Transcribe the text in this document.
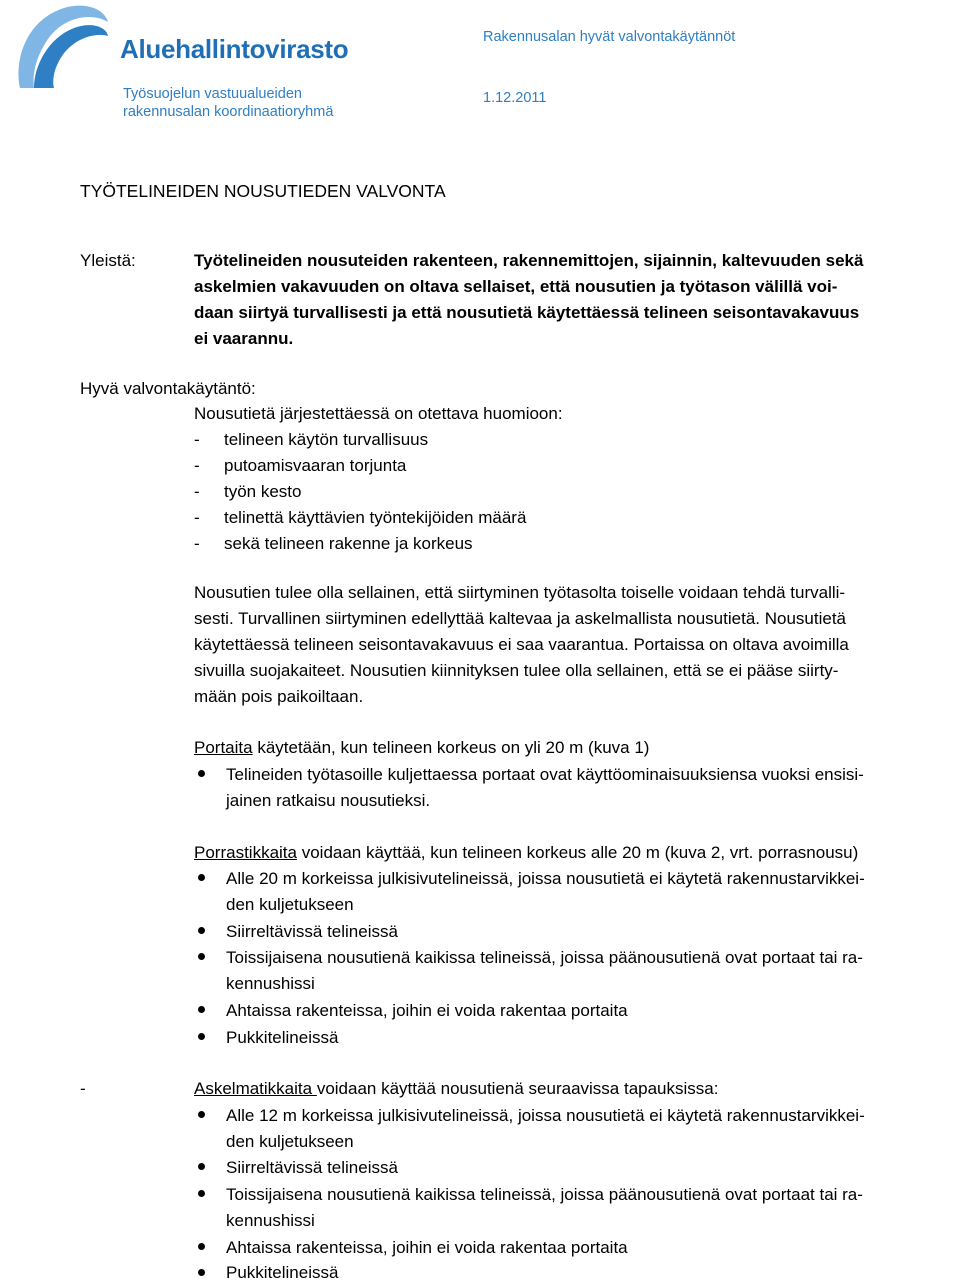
Aluehallintovirasto	Rakennusalan hyvät valvontakäytännöt
Työsuojelun vastuualueiden
rakennusalan koordinaatioryhmä
1.12.2011
TYÖTELINEIDEN NOUSUTIEDEN VALVONTA
Yleistä:	Työtelineiden nousuteiden rakenteen, rakennemittojen, sijainnin, kaltevuuden sekä

askelmien vakavuuden on oltava sellaiset, että nousutien ja työtason välillä voi-

daan siirtyä turvallisesti ja että nousutietä käytettäessä telineen seisontavakavuus

ei vaarannu.

Hyvä valvontakäytäntö:

Nousutietä järjestettäessä on otettava huomioon:

- telineen käytön turvallisuus

- putoamisvaaran torjunta

- työn kesto

- telinettä käyttävien työntekijöiden määrä

- sekä telineen rakenne ja korkeus

Nousutien tulee olla sellainen, että siirtyminen työtasolta toiselle voidaan tehdä turvalli-

sesti. Turvallinen siirtyminen edellyttää kaltevaa ja askelmallista nousutietä. Nousutietä

käytettäessä telineen seisontavakavuus ei saa vaarantua. Portaissa on oltava avoimilla

sivuilla suojakaiteet. Nousutien kiinnityksen tulee olla sellainen, että se ei pääse siirty-

mään pois paikoiltaan.

Portaita käytetään, kun telineen korkeus on yli 20 m (kuva 1)

Telineiden työtasoille kuljettaessa portaat ovat käyttöominaisuuksiensa vuoksi ensisi-

jainen ratkaisu nousutieksi.

Porrastikkaita voidaan käyttää, kun telineen korkeus alle 20 m (kuva 2, vrt. porrasnousu)

Alle 20 m korkeissa julkisivutelineissä, joissa nousutietä ei käytetä rakennustarvikkei-

den kuljetukseen

Siirreltävissä telineissä

Toissijaisena nousutienä kaikissa telineissä, joissa päänousutienä ovat portaat tai ra-

kennushissi

Ahtaissa rakenteissa, joihin ei voida rakentaa portaita

Pukkitelineissä

-	Askelmatikkaita voidaan käyttää nousutienä seuraavissa tapauksissa:

Alle 12 m korkeissa julkisivutelineissä, joissa nousutietä ei käytetä rakennustarvikkei-

den kuljetukseen

Siirreltävissä telineissä

Toissijaisena nousutienä kaikissa telineissä, joissa päänousutienä ovat portaat tai ra-

kennushissi

Ahtaissa rakenteissa, joihin ei voida rakentaa portaita

Pukkitelineissä
